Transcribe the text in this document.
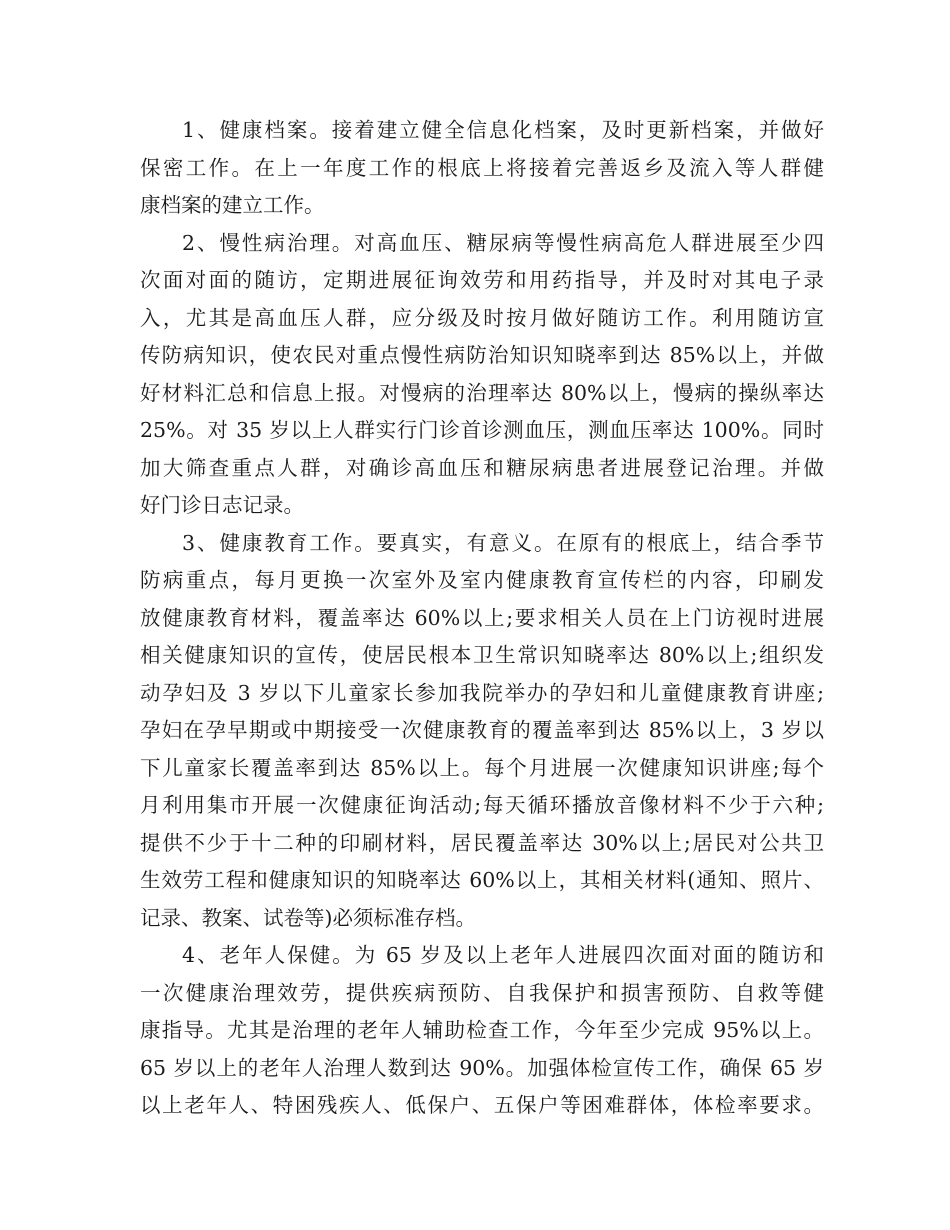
1、健康档案。接着建立健全信息化档案，及时更新档案，并做好
保密工作。在上一年度工作的根底上将接着完善返乡及流入等人群健
康档案的建立工作。
2、慢性病治理。对高血压、糖尿病等慢性病高危人群进展至少四
次面对面的随访，定期进展征询效劳和用药指导，并及时对其电子录
入，尤其是高血压人群，应分级及时按月做好随访工作。利用随访宣
传防病知识，使农民对重点慢性病防治知识知晓率到达 85%以上，并做
好材料汇总和信息上报。对慢病的治理率达 80%以上，慢病的操纵率达
25%。对 35 岁以上人群实行门诊首诊测血压，测血压率达 100%。同时
加大筛查重点人群，对确诊高血压和糖尿病患者进展登记治理。并做
好门诊日志记录。
3、健康教育工作。要真实，有意义。在原有的根底上，结合季节
防病重点，每月更换一次室外及室内健康教育宣传栏的内容，印刷发
放健康教育材料，覆盖率达 60%以上;要求相关人员在上门访视时进展
相关健康知识的宣传，使居民根本卫生常识知晓率达 80%以上;组织发
动孕妇及 3 岁以下儿童家长参加我院举办的孕妇和儿童健康教育讲座;
孕妇在孕早期或中期接受一次健康教育的覆盖率到达 85%以上，3 岁以
下儿童家长覆盖率到达 85%以上。每个月进展一次健康知识讲座;每个
月利用集市开展一次健康征询活动;每天循环播放音像材料不少于六种;
提供不少于十二种的印刷材料，居民覆盖率达 30%以上;居民对公共卫
生效劳工程和健康知识的知晓率达 60%以上，其相关材料(通知、照片、
记录、教案、试卷等)必须标准存档。
4、老年人保健。为 65 岁及以上老年人进展四次面对面的随访和
一次健康治理效劳，提供疾病预防、自我保护和损害预防、自救等健
康指导。尤其是治理的老年人辅助检查工作，今年至少完成 95%以上。
65 岁以上的老年人治理人数到达 90%。加强体检宣传工作，确保 65 岁
以上老年人、特困残疾人、低保户、五保户等困难群体，体检率要求。
